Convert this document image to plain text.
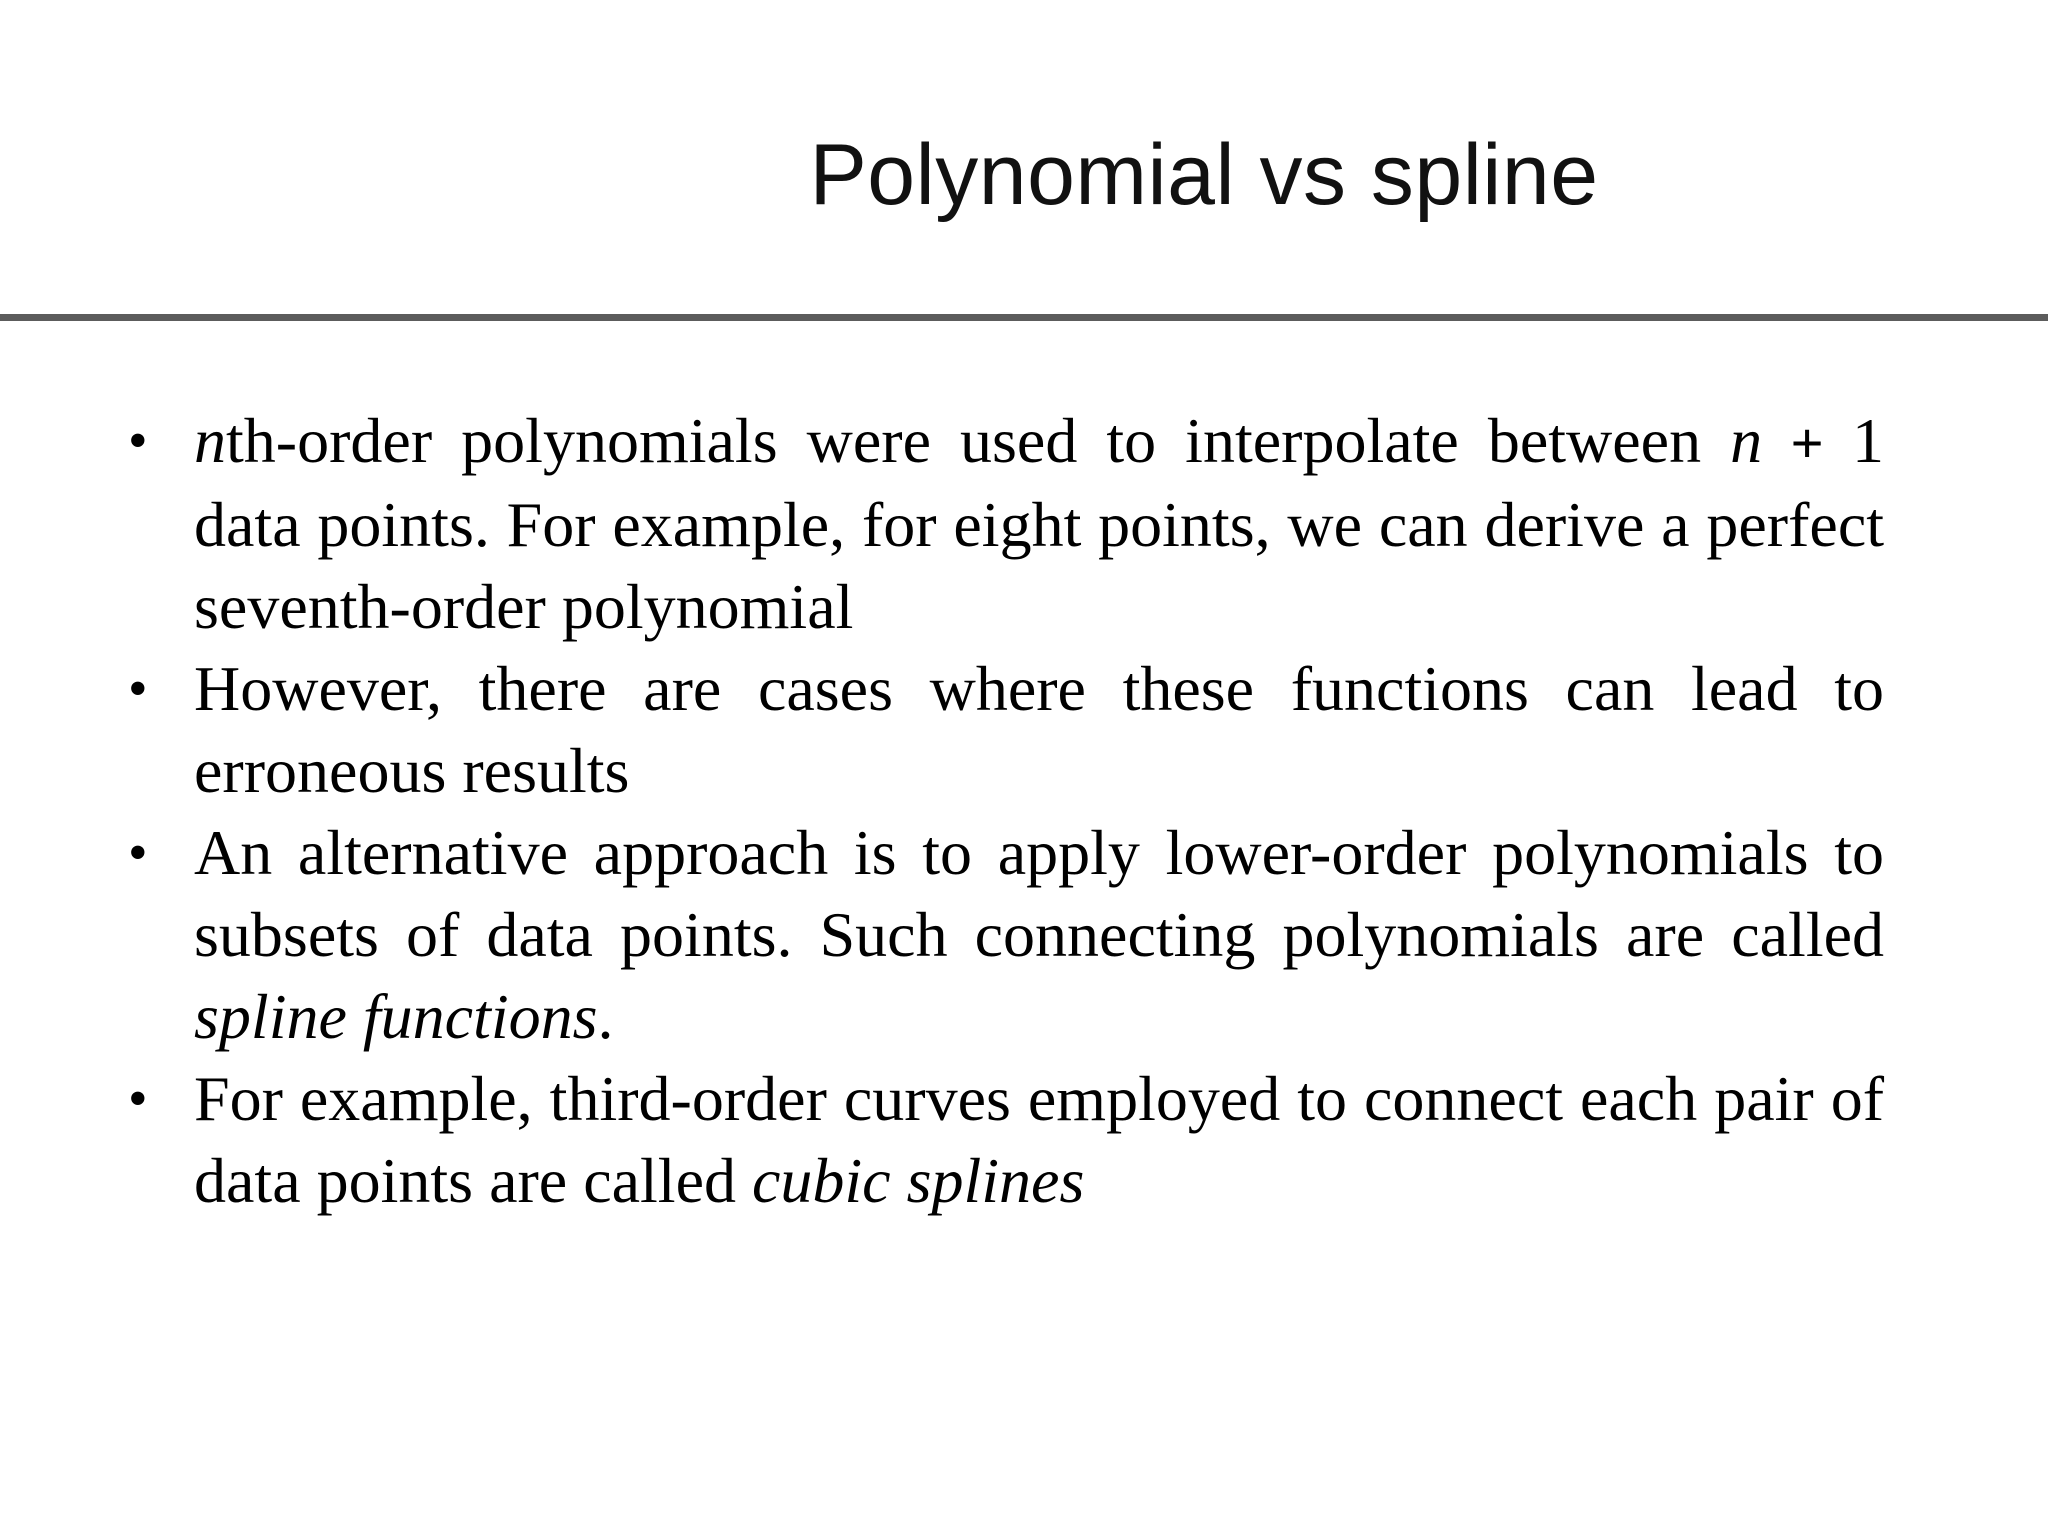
Polynomial vs spline
• nth-order polynomials were used to interpolate between n + 1 data points. For example, for eight points, we can derive a perfect seventh-order polynomial
• However, there are cases where these functions can lead to erroneous results
• An alternative approach is to apply lower-order polynomials to subsets of data points. Such connecting polynomials are called spline functions.
• For example, third-order curves employed to connect each pair of data points are called cubic splines
